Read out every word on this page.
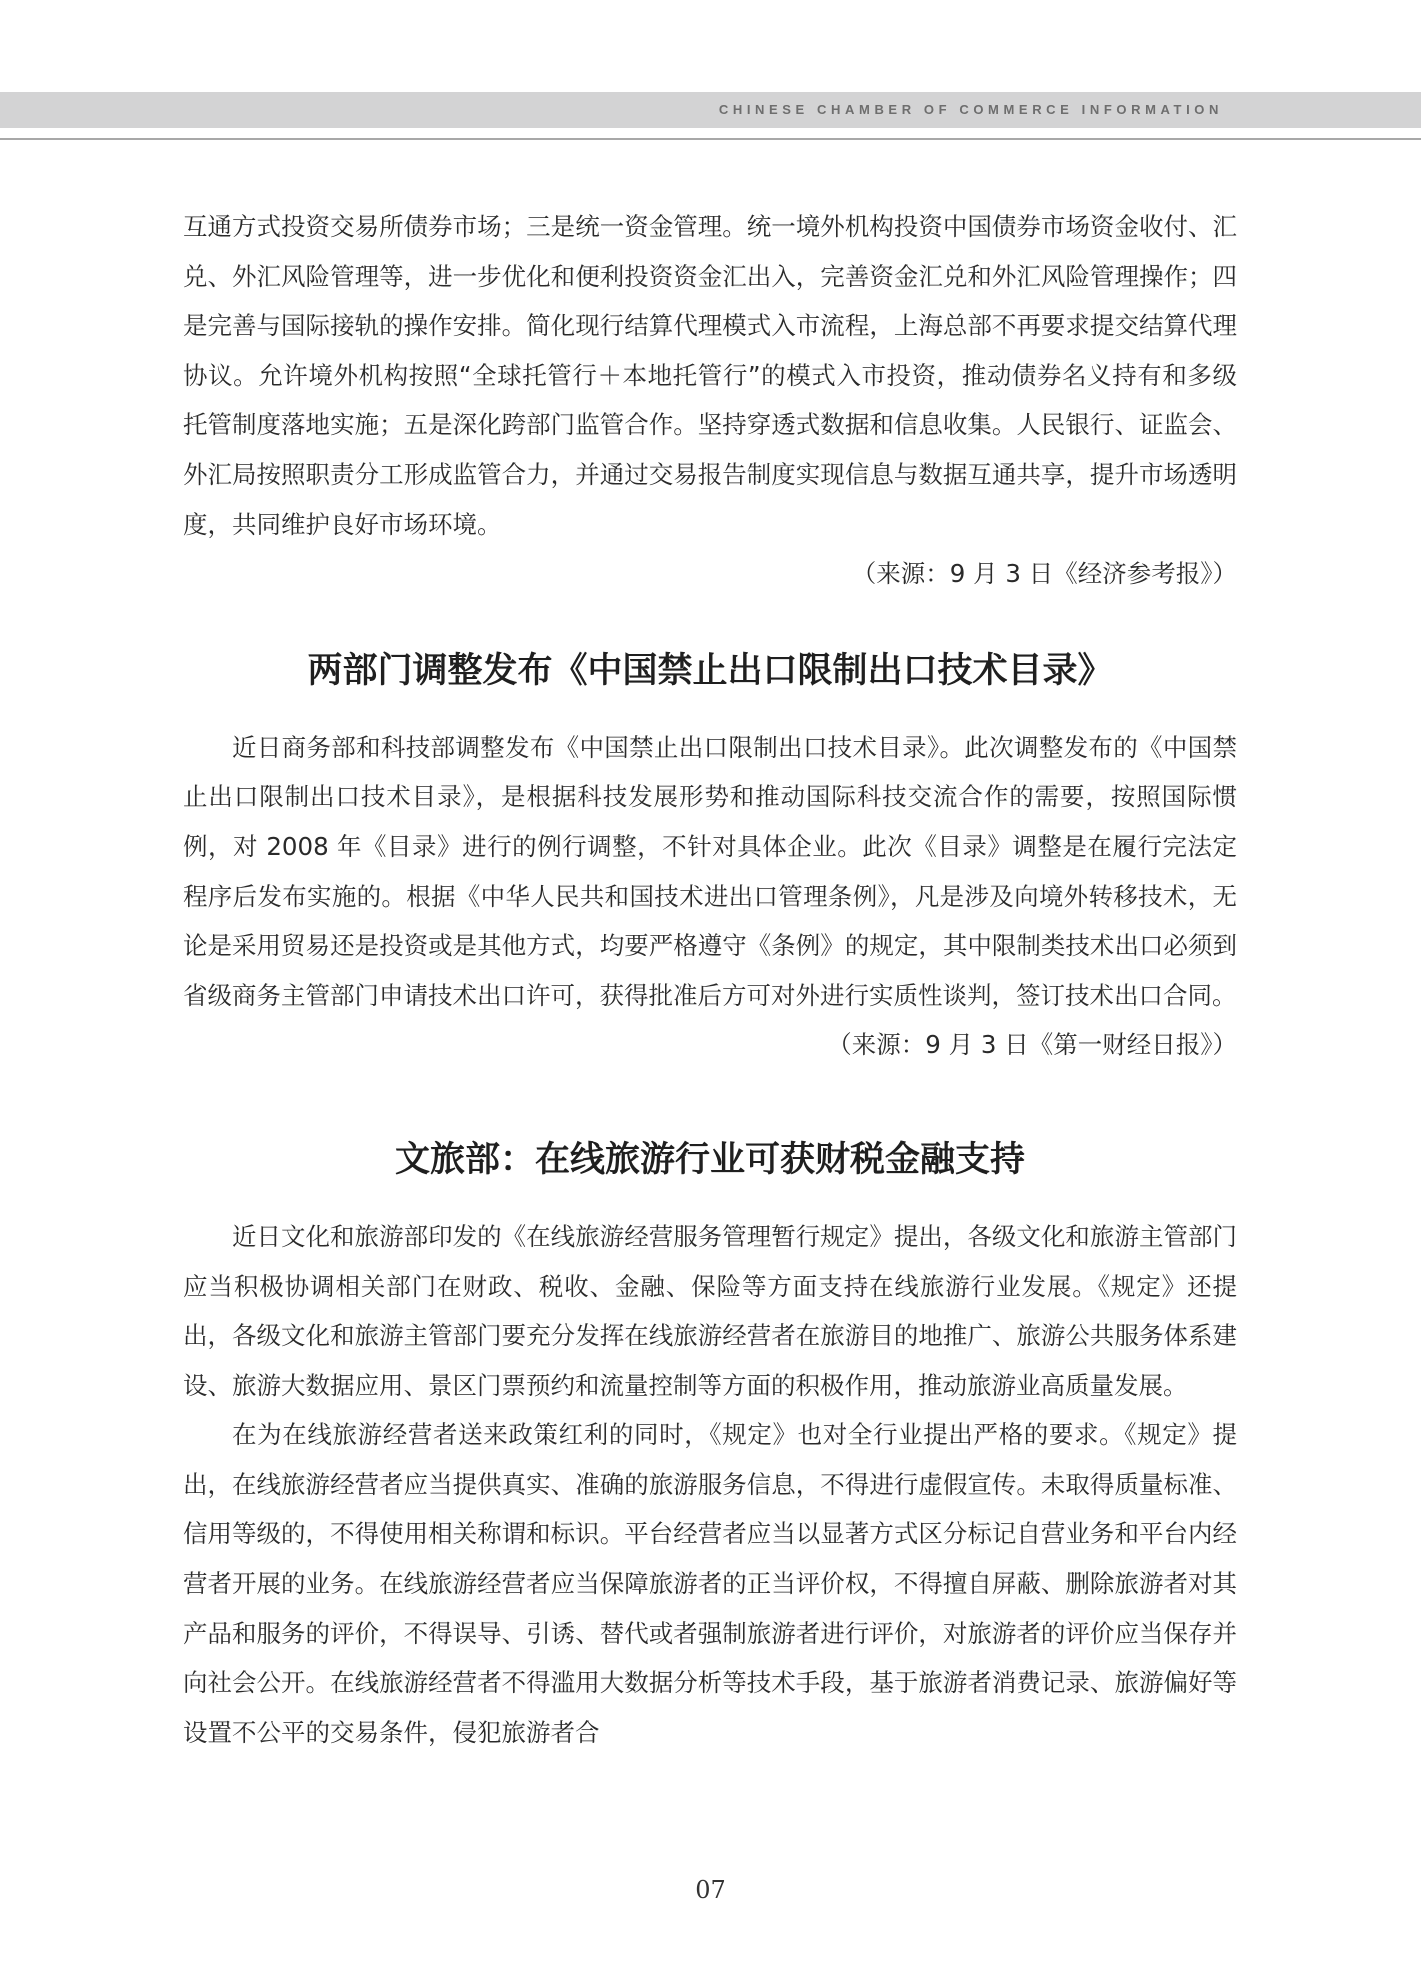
CHINESE CHAMBER OF COMMERCE INFORMATION

互通方式投资交易所债券市场；三是统一资金管理。统一境外机构投资中国债券市场资金收付、汇兑、外汇风险管理等，进一步优化和便利投资资金汇出入，完善资金汇兑和外汇风险管理操作；四是完善与国际接轨的操作安排。简化现行结算代理模式入市流程，上海总部不再要求提交结算代理协议。允许境外机构按照“全球托管行＋本地托管行”的模式入市投资，推动债券名义持有和多级托管制度落地实施；五是深化跨部门监管合作。坚持穿透式数据和信息收集。人民银行、证监会、外汇局按照职责分工形成监管合力，并通过交易报告制度实现信息与数据互通共享，提升市场透明度，共同维护良好市场环境。

（来源：9 月 3 日《经济参考报》）

两部门调整发布《中国禁止出口限制出口技术目录》

近日商务部和科技部调整发布《中国禁止出口限制出口技术目录》。此次调整发布的《中国禁止出口限制出口技术目录》，是根据科技发展形势和推动国际科技交流合作的需要，按照国际惯例，对 2008 年《目录》进行的例行调整，不针对具体企业。此次《目录》调整是在履行完法定程序后发布实施的。根据《中华人民共和国技术进出口管理条例》，凡是涉及向境外转移技术，无论是采用贸易还是投资或是其他方式，均要严格遵守《条例》的规定，其中限制类技术出口必须到省级商务主管部门申请技术出口许可，获得批准后方可对外进行实质性谈判，签订技术出口合同。
（来源：9 月 3 日《第一财经日报》）

文旅部：在线旅游行业可获财税金融支持

近日文化和旅游部印发的《在线旅游经营服务管理暂行规定》提出，各级文化和旅游主管部门应当积极协调相关部门在财政、税收、金融、保险等方面支持在线旅游行业发展。《规定》还提出，各级文化和旅游主管部门要充分发挥在线旅游经营者在旅游目的地推广、旅游公共服务体系建设、旅游大数据应用、景区门票预约和流量控制等方面的积极作用，推动旅游业高质量发展。

在为在线旅游经营者送来政策红利的同时，《规定》也对全行业提出严格的要求。《规定》提出，在线旅游经营者应当提供真实、准确的旅游服务信息，不得进行虚假宣传。未取得质量标准、信用等级的，不得使用相关称谓和标识。平台经营者应当以显著方式区分标记自营业务和平台内经营者开展的业务。在线旅游经营者应当保障旅游者的正当评价权，不得擅自屏蔽、删除旅游者对其产品和服务的评价，不得误导、引诱、替代或者强制旅游者进行评价，对旅游者的评价应当保存并向社会公开。在线旅游经营者不得滥用大数据分析等技术手段，基于旅游者消费记录、旅游偏好等设置不公平的交易条件，侵犯旅游者合

07
